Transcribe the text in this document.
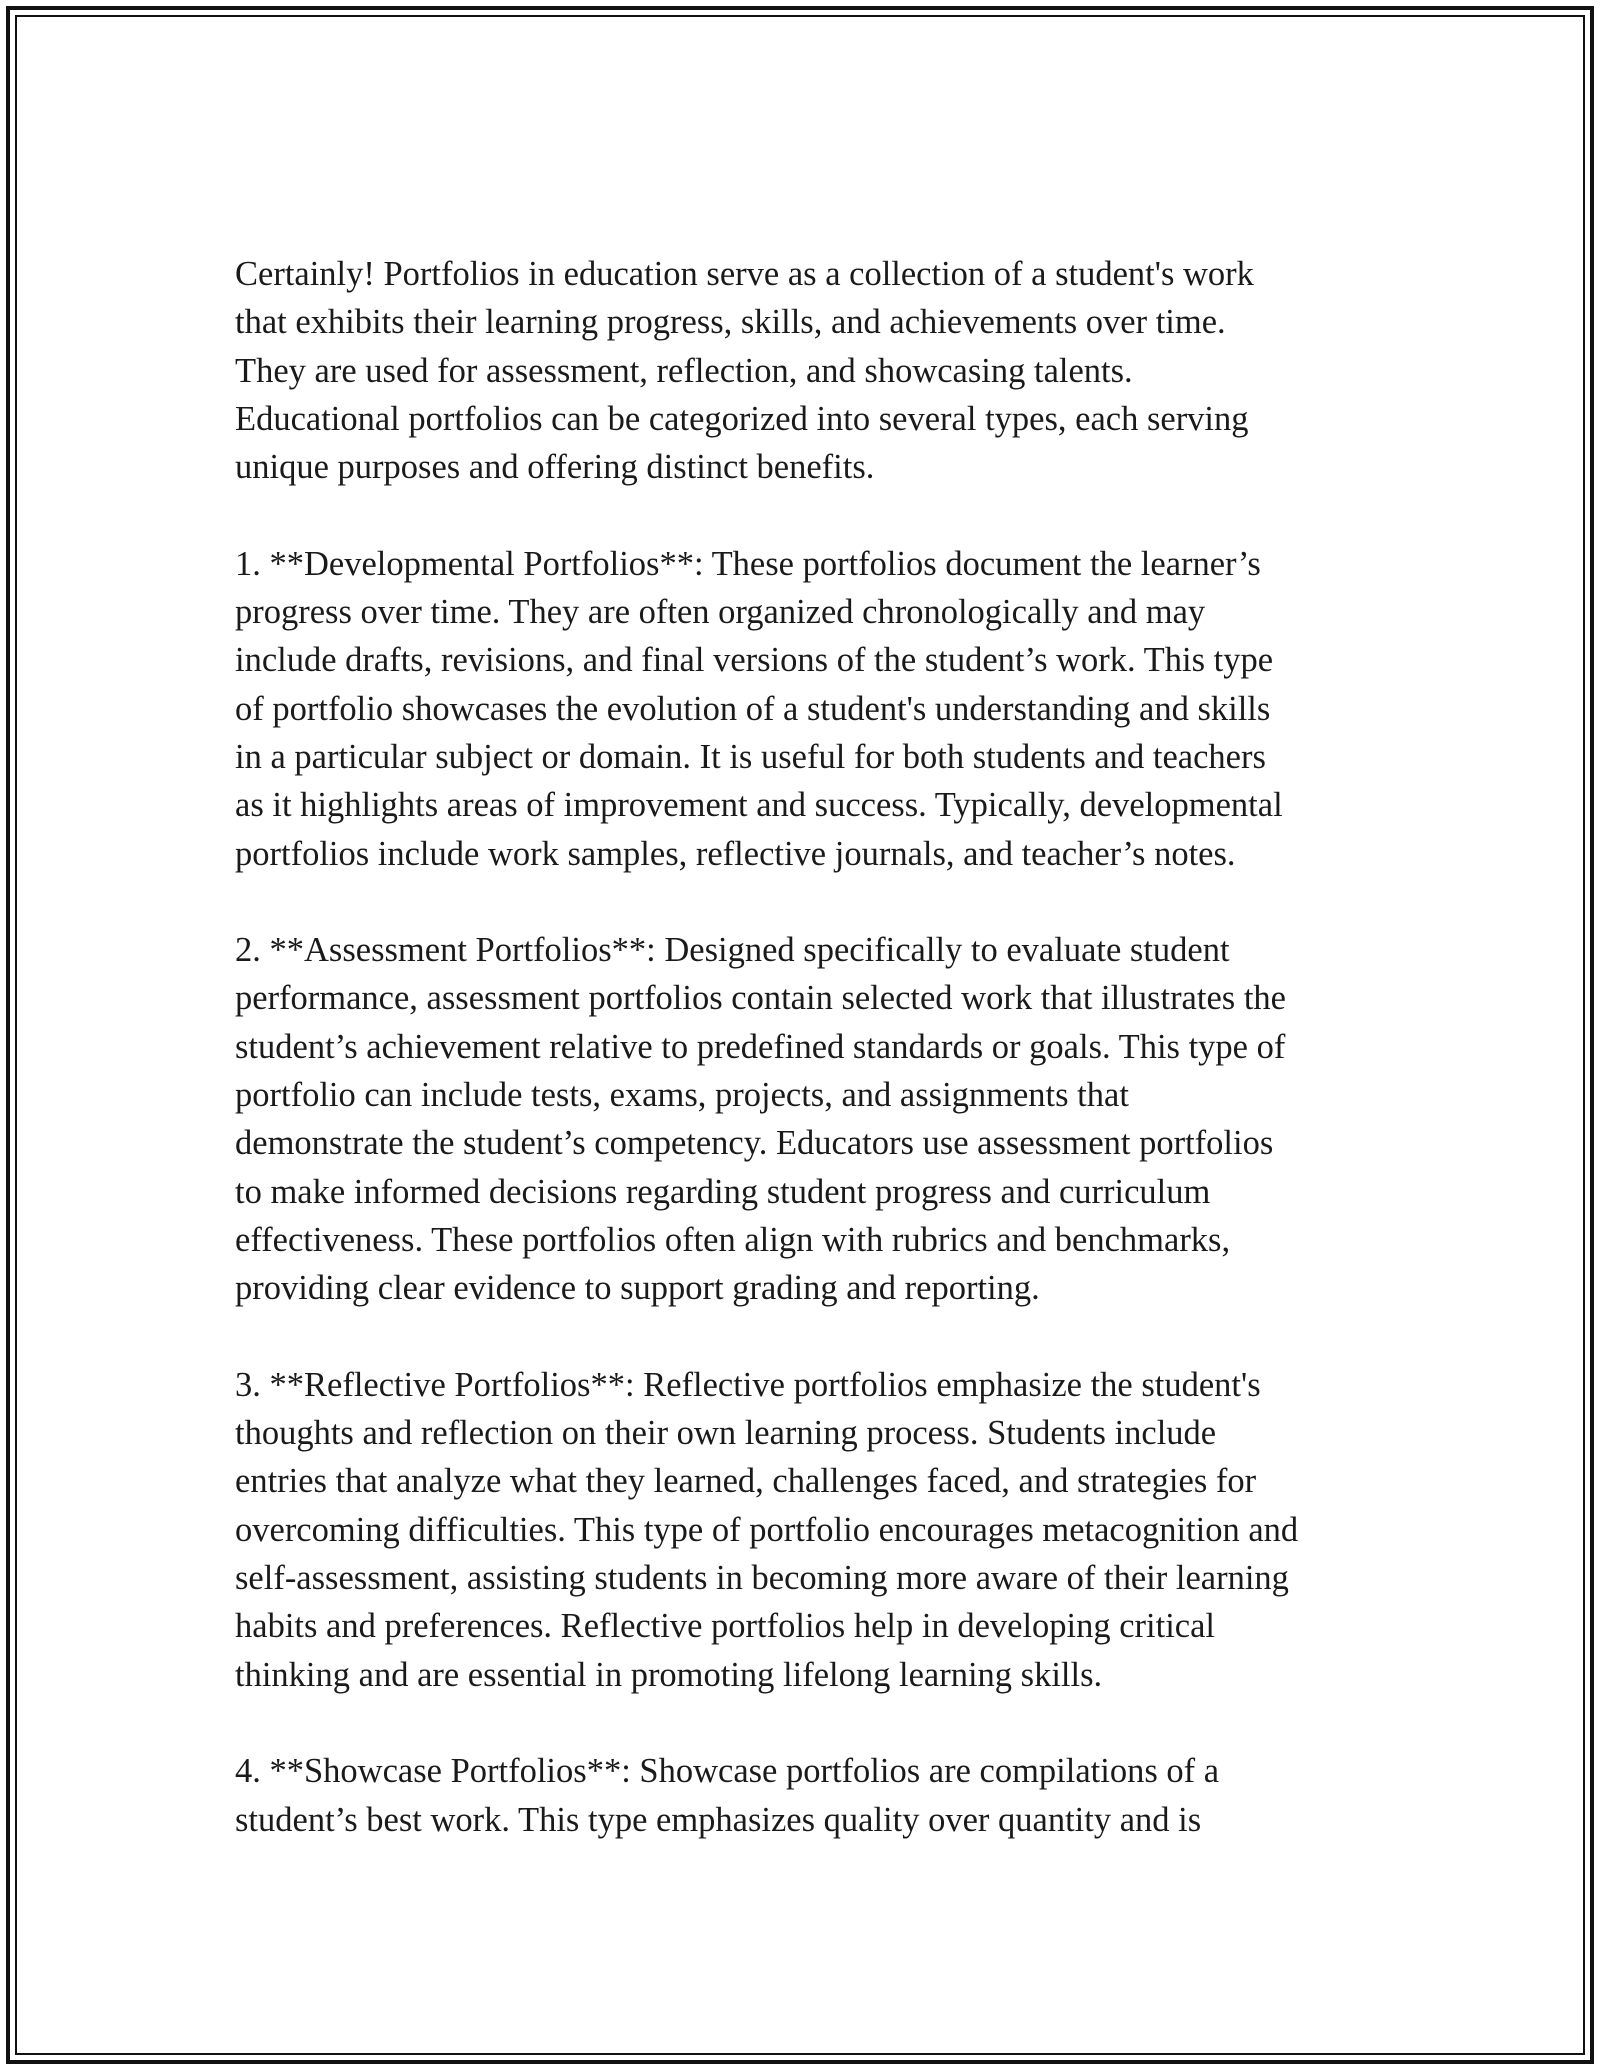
Certainly! Portfolios in education serve as a collection of a student's work
that exhibits their learning progress, skills, and achievements over time.
They are used for assessment, reflection, and showcasing talents.
Educational portfolios can be categorized into several types, each serving
unique purposes and offering distinct benefits.

1. **Developmental Portfolios**: These portfolios document the learner’s
progress over time. They are often organized chronologically and may
include drafts, revisions, and final versions of the student’s work. This type
of portfolio showcases the evolution of a student's understanding and skills
in a particular subject or domain. It is useful for both students and teachers
as it highlights areas of improvement and success. Typically, developmental
portfolios include work samples, reflective journals, and teacher’s notes.

2. **Assessment Portfolios**: Designed specifically to evaluate student
performance, assessment portfolios contain selected work that illustrates the
student’s achievement relative to predefined standards or goals. This type of
portfolio can include tests, exams, projects, and assignments that
demonstrate the student’s competency. Educators use assessment portfolios
to make informed decisions regarding student progress and curriculum
effectiveness. These portfolios often align with rubrics and benchmarks,
providing clear evidence to support grading and reporting.

3. **Reflective Portfolios**: Reflective portfolios emphasize the student's
thoughts and reflection on their own learning process. Students include
entries that analyze what they learned, challenges faced, and strategies for
overcoming difficulties. This type of portfolio encourages metacognition and
self-assessment, assisting students in becoming more aware of their learning
habits and preferences. Reflective portfolios help in developing critical
thinking and are essential in promoting lifelong learning skills.

4. **Showcase Portfolios**: Showcase portfolios are compilations of a
student’s best work. This type emphasizes quality over quantity and is
